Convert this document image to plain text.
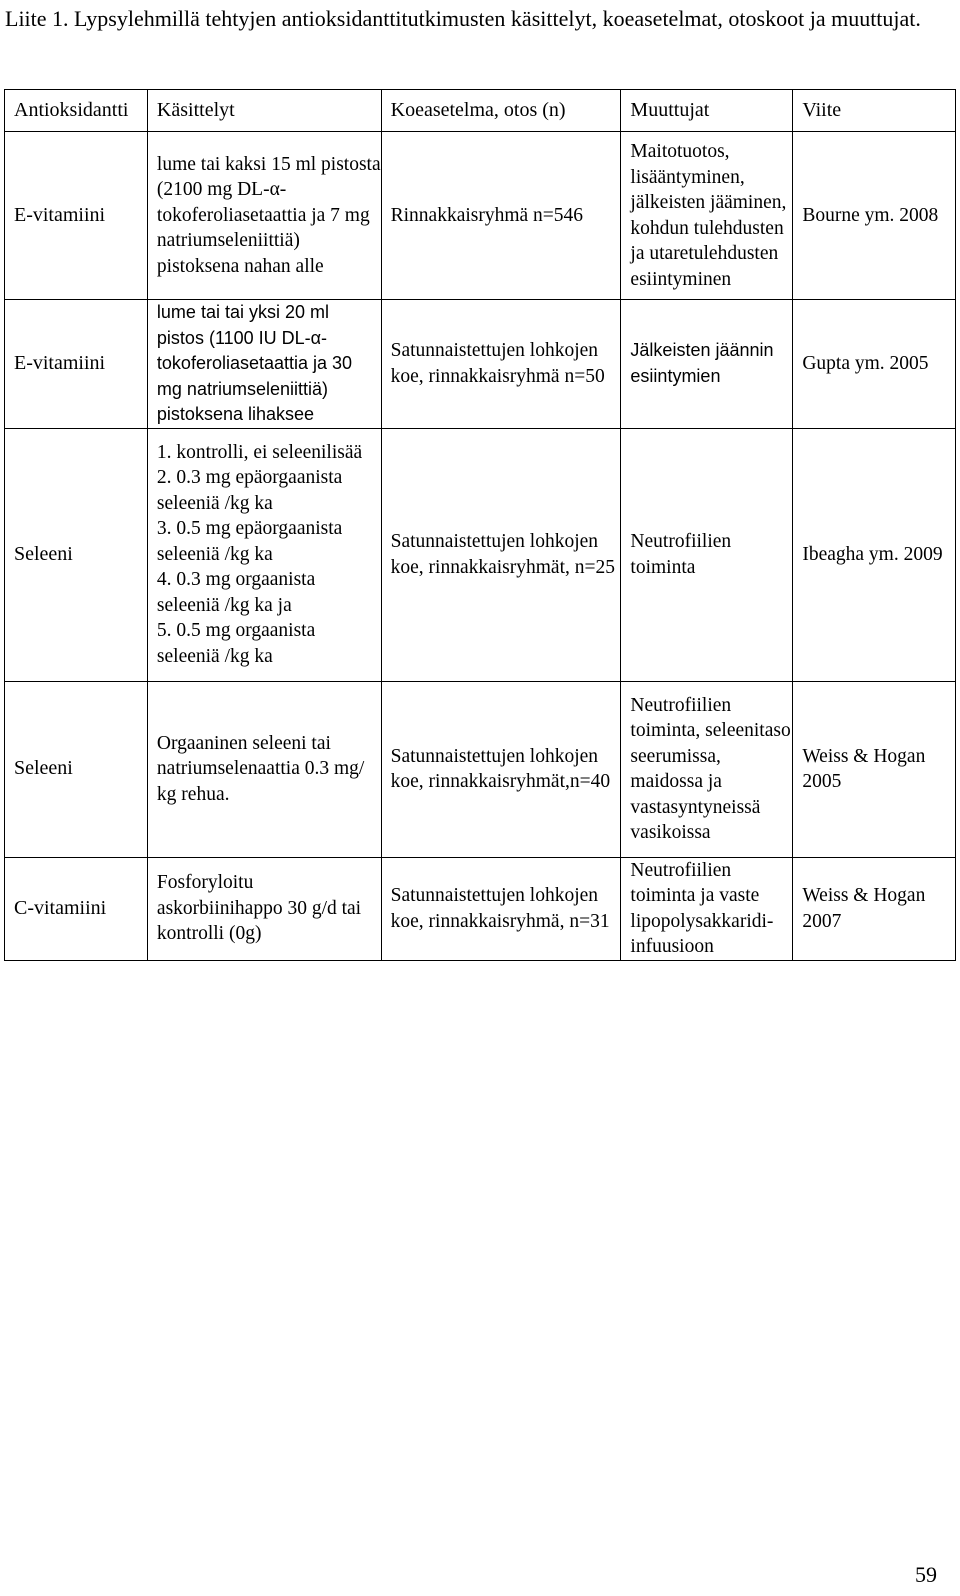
Liite 1. Lypsylehmillä tehtyjen antioksidanttitutkimusten käsittelyt, koeasetelmat, otoskoot ja muuttujat.
Antioksidantti	Käsittelyt	Koeasetelma, otos (n)	Muuttujat	Viite
E-vitamiini	lume tai kaksi 15 ml pistosta (2100 mg DL-α-tokoferoliasetaattia ja 7 mg natriumseleniittiä) pistoksena nahan alle	Rinnakkaisryhmä n=546	Maitotuotos, lisääntyminen, jälkeisten jääminen, kohdun tulehdusten ja utaretulehdusten esiintyminen	Bourne ym. 2008
E-vitamiini	lume tai tai yksi 20 ml pistos (1100 IU DL-α-tokoferoliasetaattia ja 30 mg natriumseleniittiä) pistoksena lihaksee	Satunnaistettujen lohkojen koe, rinnakkaisryhmä n=50	Jälkeisten jäännin esiintymien	Gupta ym. 2005
Seleeni	1. kontrolli, ei seleenilisää
2. 0.3 mg epäorgaanista seleeniä /kg ka
3. 0.5 mg epäorgaanista seleeniä /kg ka
4. 0.3 mg orgaanista seleeniä /kg ka ja
5. 0.5 mg orgaanista seleeniä /kg ka	Satunnaistettujen lohkojen koe, rinnakkaisryhmät, n=25	Neutrofiilien toiminta	Ibeagha ym. 2009
Seleeni	Orgaaninen seleeni tai natriumselenaattia 0.3 mg/ kg rehua.	Satunnaistettujen lohkojen koe, rinnakkaisryhmät,n=40	Neutrofiilien toiminta, seleenitaso seerumissa, maidossa ja vastasyntyneissä vasikoissa	Weiss & Hogan 2005
C-vitamiini	Fosforyloitu askorbiinihappo 30 g/d tai kontrolli (0g)	Satunnaistettujen lohkojen koe, rinnakkaisryhmä, n=31	Neutrofiilien toiminta ja vaste lipopolysakkaridi-infuusioon	Weiss & Hogan 2007
59
